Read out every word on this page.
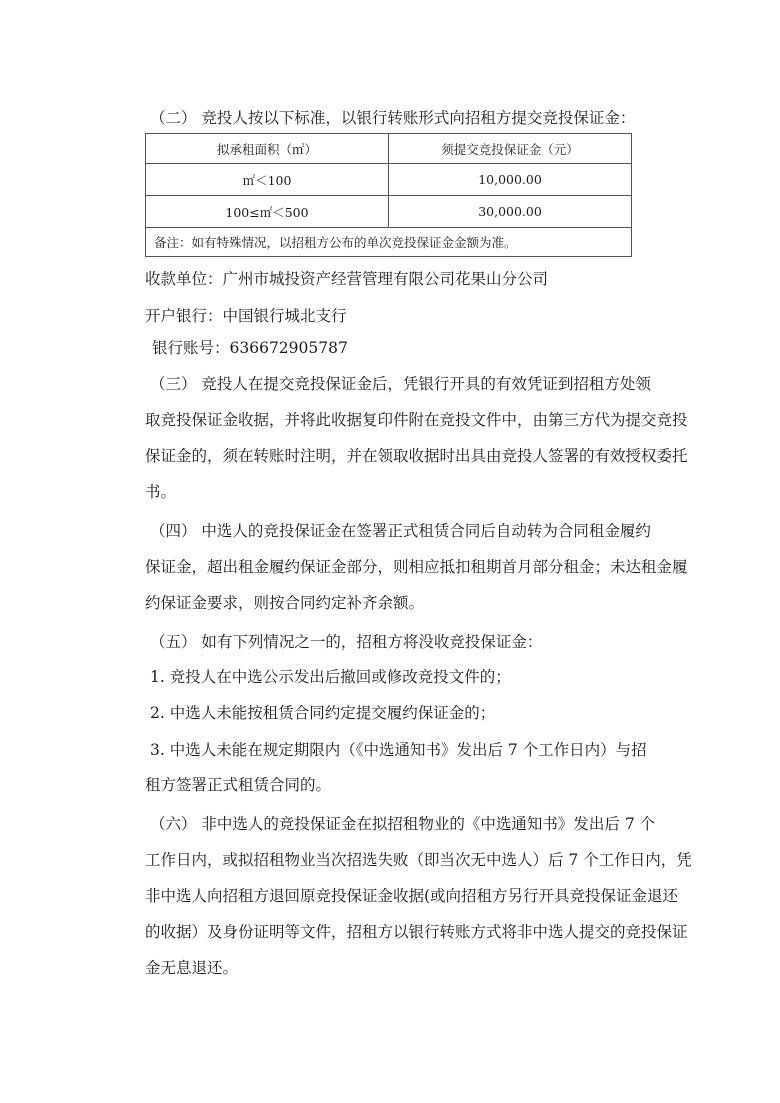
（二） 竞投人按以下标准，以银行转账形式向招租方提交竞投保证金：
拟承租面积（㎡）	须提交竞投保证金（元）
㎡＜100	10,000.00
100≤㎡＜500	30,000.00
备注：如有特殊情况，以招租方公布的单次竞投保证金金额为准。	
收款单位：广州市城投资产经营管理有限公司花果山分公司
开户银行：中国银行城北支行
银行账号：636672905787
（三） 竞投人在提交竞投保证金后，凭银行开具的有效凭证到招租方处领
取竞投保证金收据，并将此收据复印件附在竞投文件中，由第三方代为提交竞投
保证金的，须在转账时注明，并在领取收据时出具由竞投人签署的有效授权委托
书。
（四） 中选人的竞投保证金在签署正式租赁合同后自动转为合同租金履约
保证金，超出租金履约保证金部分，则相应抵扣租期首月部分租金；未达租金履
约保证金要求，则按合同约定补齐余额。
（五） 如有下列情况之一的，招租方将没收竞投保证金：
1. 竞投人在中选公示发出后撤回或修改竞投文件的；
2. 中选人未能按租赁合同约定提交履约保证金的；
3. 中选人未能在规定期限内（《中选通知书》发出后 7 个工作日内）与招
租方签署正式租赁合同的。
（六） 非中选人的竞投保证金在拟招租物业的《中选通知书》发出后 7 个
工作日内，或拟招租物业当次招选失败（即当次无中选人）后 7 个工作日内，凭
非中选人向招租方退回原竞投保证金收据(或向招租方另行开具竞投保证金退还
的收据）及身份证明等文件，招租方以银行转账方式将非中选人提交的竞投保证
金无息退还。
